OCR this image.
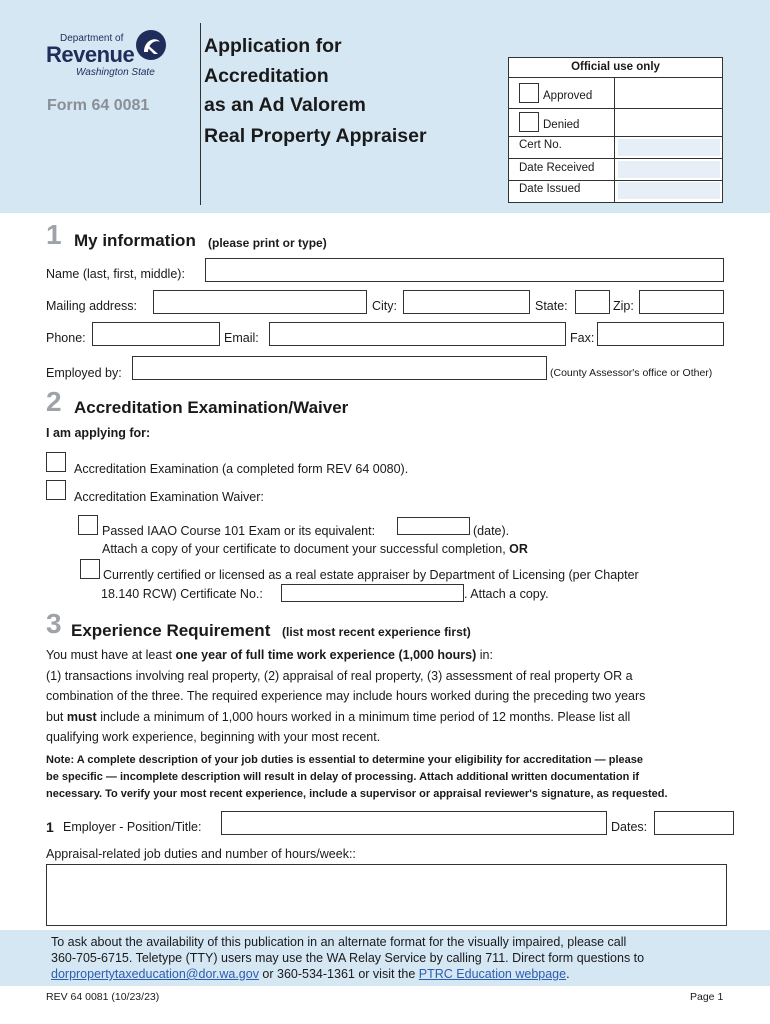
Department of
Revenue
Washington State
Form 64 0081
Application for
Accreditation
as an Ad Valorem
Real Property Appraiser
Official use only
Approved
Denied
Cert No.
Date Received
Date Issued
1 My information (please print or type)
Name (last, first, middle):
Mailing address:	City:	State:	Zip:
Phone:	Email:	Fax:
Employed by:	(County Assessor's office or Other)
2 Accreditation Examination/Waiver
I am applying for:
Accreditation Examination (a completed form REV 64 0080).
Accreditation Examination Waiver:
Passed IAAO Course 101 Exam or its equivalent:	(date).
Attach a copy of your certificate to document your successful completion, OR
Currently certified or licensed as a real estate appraiser by Department of Licensing (per Chapter
18.140 RCW) Certificate No.:	. Attach a copy.
3 Experience Requirement (list most recent experience first)
You must have at least one year of full time work experience (1,000 hours) in:
(1) transactions involving real property, (2) appraisal of real property, (3) assessment of real property OR a
combination of the three. The required experience may include hours worked during the preceding two years
but must include a minimum of 1,000 hours worked in a minimum time period of 12 months. Please list all
qualifying work experience, beginning with your most recent.
Note: A complete description of your job duties is essential to determine your eligibility for accreditation — please
be specific — incomplete description will result in delay of processing. Attach additional written documentation if
necessary. To verify your most recent experience, include a supervisor or appraisal reviewer's signature, as requested.
1 Employer - Position/Title:	Dates:
Appraisal-related job duties and number of hours/week::
To ask about the availability of this publication in an alternate format for the visually impaired, please call
360-705-6715. Teletype (TTY) users may use the WA Relay Service by calling 711. Direct form questions to
dorpropertytaxeducation@dor.wa.gov or 360-534-1361 or visit the PTRC Education webpage.
REV 64 0081 (10/23/23)	Page 1
